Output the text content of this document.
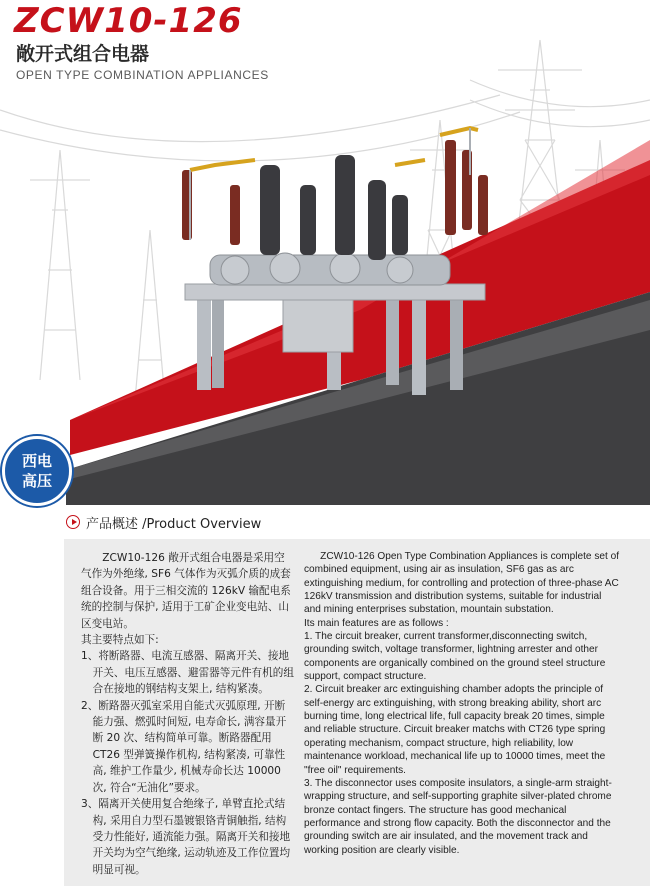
ZCW10-126
敞开式组合电器
OPEN TYPE COMBINATION APPLIANCES
西电
高压
产品概述 /Product Overview

ZCW10-126 敞开式组合电器是采用空气作为外绝缘, SF6 气体作为灭弧介质的成套组合设备。用于三相交流的 126kV 输配电系统的控制与保护, 适用于工矿企业变电站、山区变电站。

其主要特点如下:

1、将断路器、电流互感器、隔离开关、接地开关、电压互感器、避雷器等元件有机的组合在接地的钢结构支架上, 结构紧凑。

2、断路器灭弧室采用自能式灭弧原理, 开断能力强、燃弧时间短, 电寿命长, 满容量开断 20 次、结构简单可靠。断路器配用 CT26 型弹簧操作机构, 结构紧凑, 可靠性高, 维护工作量少, 机械寿命长达 10000 次, 符合“无油化”要求。

3、隔离开关使用复合绝缘子, 单臂直抡式结构, 采用自力型石墨镀银铬青铜触指, 结构受力性能好, 通流能力强。隔离开关和接地开关均为空气绝缘, 运动轨迹及工作位置均明显可视。

ZCW10-126 Open Type Combination Appliances is complete set of combined equipment, using air as insulation, SF6 gas as arc extinguishing medium, for controlling and protection of three-phase AC 126kV transmission and distribution systems, suitable for industrial and mining enterprises substation, mountain substation.

Its main features are as follows :

1. The circuit breaker, current transformer,disconnecting switch, grounding switch, voltage transformer, lightning arrester and other components are organically combined on the ground steel structure support, compact structure.

2. Circuit breaker arc extinguishing chamber adopts the principle of self-energy arc extinguishing, with strong breaking ability, short arc burning time, long electrical life, full capacity break 20 times, simple and reliable structure. Circuit breaker matchs with CT26 type spring operating mechanism, compact structure, high reliability, low maintenance workload, mechanical life up to 10000 times, meet the "free oil" requirements.

3. The disconnector uses composite insulators, a single-arm straight-wrapping structure, and self-supporting graphite silver-plated chrome bronze contact fingers. The structure has good mechanical performance and strong flow capacity. Both the disconnector and the grounding switch are air insulated, and the movement track and working position are clearly visible.
